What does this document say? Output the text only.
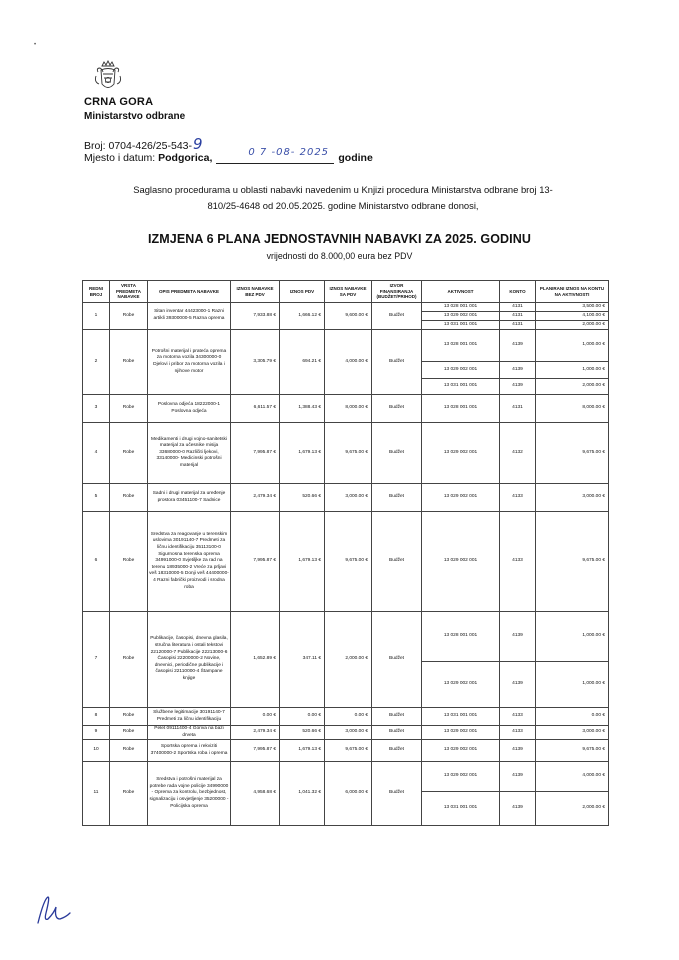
•
CRNA GORA
Ministarstvo odbrane
Broj: 0704-426/25-543-9
Mjesto i datum: Podgorica,	0 7 -08- 2025 godine
Saglasno procedurama u oblasti nabavki navedenim u Knjizi procedura Ministarstva odbrane broj 13-810/25-4648 od 20.05.2025. godine Ministarstvo odbrane donosi,
IZMJENA 6 PLANA JEDNOSTAVNIH NABAVKI ZA 2025. GODINU
vrijednosti do 8.000,00 eura bez PDV
REDNI BROJ	VRSTA PREDMETA NABAVKE	OPIS PREDMETA NABAVKE	IZNOS NABAVKE BEZ PDV	IZNOS PDV	IZNOS NABAVKE SA PDV	IZVOR FINANSIRANJA (BUDŽET/PRIHOD)	AKTIVNOST	KONTO	PLANIRANI IZNOS NA KONTU NA AKTIVNOSTI
1	Robe	Sitan inventar 44423000-1 Razni artikli 39300000-5 Razna oprema	7,933.88 €	1,666.12 €	9,600.00 €	Budžet	13 028 001 001	4131	3,500.00 €
							13 029 002 001	4131	4,100.00 €
							13 031 001 001	4131	2,000.00 €
2	Robe	Potrošni materijal i prateća oprema za motorna vozila 34300000-0 Djelovi i pribor za motorna vozila i njihove motor	3,305.79 €	694.21 €	4,000.00 €	Budžet	13 028 001 001	4139	1,000.00 €
							13 029 002 001	4139	1,000.00 €
							13 031 001 001	4139	2,000.00 €
3	Robe	Poslovna odjeća 18222000-1 Poslovna odjeća	6,611.57 €	1,388.43 €	8,000.00 €	Budžet	13 028 001 001	4131	8,000.00 €
4	Robe	Medikamenti i drugi vojno-sanitetski materijal za učesnike misija 33680000-0 Različiti ljekovi, 33140000- Medicinski potrošni materijal	7,995.87 €	1,679.13 €	9,675.00 €	Budžet	13 029 002 001	4132	9,675.00 €
5	Robe	Sadni i drugi materijal za uređenje prostora 03451100-7 Sadnice	2,479.34 €	520.66 €	3,000.00 €	Budžet	13 029 002 001	4133	3,000.00 €
6	Robe	Sredstva za reagovanje u terenskim uslovima 30191140-7 Predmeti za ličnu identifikaciju 35113100-0 Sigurnosna terenska oprema 34991000-0 Svjetiljke za rad na terenu 18935000-2 Vreće za prljavi veš 18310000-5 Donji veš 44400000-4 Razni fabrički proizvodi i srodna roba	7,995.87 €	1,679.13 €	9,675.00 €	Budžet	13 029 002 001	4133	9,675.00 €
7	Robe	Publikacije, časopisi, dnevna glasila, stručna literatura i ostali tekstovi 22120000-7 Publikacije 22213000-6 Časopisi 22200000-2 Novine, dnevnici, periodične publikacije i časopisi 22110000-4 Štampane knjige	1,652.89 €	347.11 €	2,000.00 €	Budžet	13 028 001 001	4139	1,000.00 €
							13 029 002 001	4139	1,000.00 €
8	Robe	Službene legitimacije 30191140-7 Predmeti za ličnu identifikaciju	0.00 €	0.00 €	0.00 €	Budžet	13 031 001 001	4133	0.00 €
9	Robe	Pelet 09111400-4 Goriva na bazi drveta	2,479.34 €	520.66 €	3,000.00 €	Budžet	13 029 002 001	4133	3,000.00 €
10	Robe	Sportska oprema i rekviziti 37400000-2 Sportska roba i oprema	7,995.87 €	1,679.13 €	9,675.00 €	Budžet	13 029 002 001	4139	9,675.00 €
11	Robe	Sredstva i potrošni materijal za potrebe rada vojne policije 34990000 - Oprema za kontrolu, bezbjednost, signalizaciju i osvjetljenje 35200000 - Policijska oprema	4,958.68 €	1,041.32 €	6,000.00 €	Budžet	13 029 002 001	4139	4,000.00 €
							13 031 001 001	4139	2,000.00 €
